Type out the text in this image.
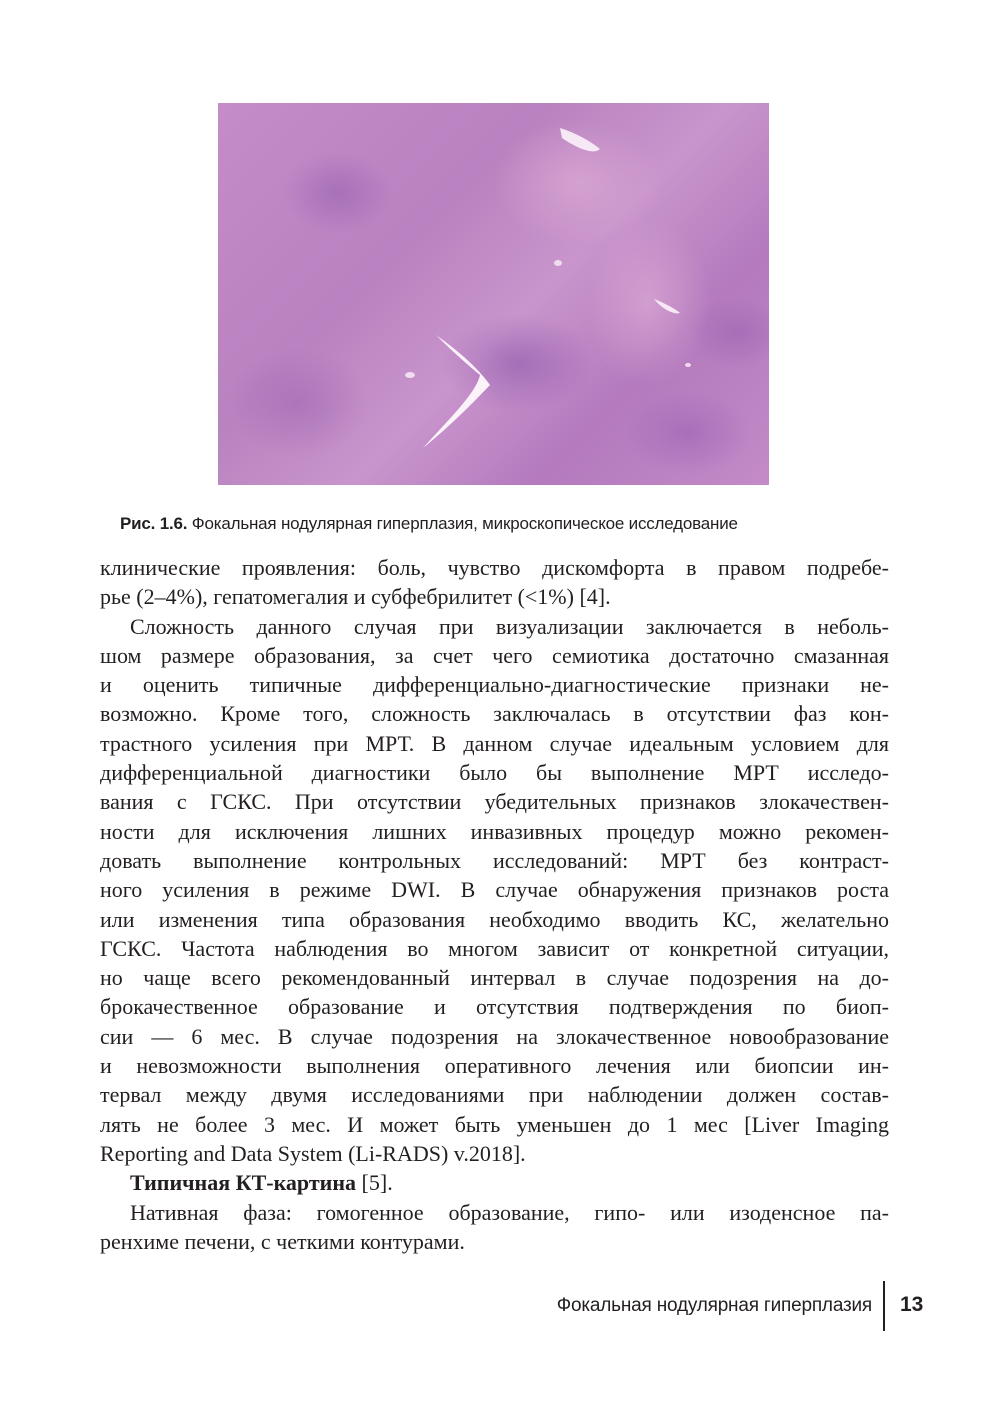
Рис. 1.6. Фокальная нодулярная гиперплазия, микроскопическое исследование
клинические проявления: боль, чувство дискомфорта в правом подребе-
рье (2–4%), гепатомегалия и субфебрилитет (<1%) [4].
Сложность данного случая при визуализации заключается в неболь-
шом размере образования, за счет чего семиотика достаточно смазанная
и оценить типичные дифференциально-диагностические признаки не-
возможно. Кроме того, сложность заключалась в отсутствии фаз кон-
трастного усиления при МРТ. В данном случае идеальным условием для
дифференциальной диагностики было бы выполнение МРТ исследо-
вания с ГСКС. При отсутствии убедительных признаков злокачествен-
ности для исключения лишних инвазивных процедур можно рекомен-
довать выполнение контрольных исследований: МРТ без контраст-
ного усиления в режиме DWI. В случае обнаружения признаков роста
или изменения типа образования необходимо вводить КС, желательно
ГСКС. Частота наблюдения во многом зависит от конкретной ситуации,
но чаще всего рекомендованный интервал в случае подозрения на до-
брокачественное образование и отсутствия подтверждения по биоп-
сии — 6 мес. В случае подозрения на злокачественное новообразование
и невозможности выполнения оперативного лечения или биопсии ин-
тервал между двумя исследованиями при наблюдении должен состав-
лять не более 3 мес. И может быть уменьшен до 1 мес [Liver Imaging
Reporting and Data System (Li-RADS) v.2018].
Типичная КТ-картина [5].
Нативная фаза: гомогенное образование, гипо- или изоденсное па-
ренхиме печени, с четкими контурами.
Фокальная нодулярная гиперплазия 13
